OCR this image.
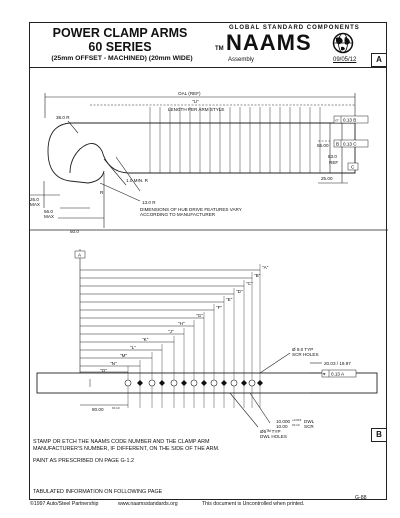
POWER CLAMP ARMS
60 SERIES
(25mm OFFSET - MACHINED) (20mm WIDE)
TM
GLOBAL STANDARD COMPONENTS
NAAMS
Assembly	09/05/12	A
OAL (REF)
"U"
LENGTH PER ARM STYLE
38.0 R
26.0
MAX
56.0
MAX
50.0
55.00
83.0
REF
25.00
1.0 MIN. R
R
13.0 R
DIMENSIONS OF HUB DRIVE FEATURES VARY
ACCORDING TO MANUFACTURER
⏥ 0.13 B
B 0.13 C
C
A
"A"
"B"
"C"
"D"
"E"
"F"
"G"
"H"
"J"
"K"
"L"
"M"
"N"
"O"
Ø 9.0 TYP
SCR HOLES
20.03 / 19.97
80.00	±0.13
10.000 +0.015 DWL
10.00 ±0.13 SCR
Ø6ᵀᴹ TYP
DWL HOLES
⌖ 0.13 A
B
STAMP OR ETCH THE NAAMS CODE NUMBER AND THE CLAMP ARM
MANUFACTURER'S NUMBER, IF DIFFERENT, ON THE SIDE OF THE ARM.
PAINT AS PRESCRIBED ON PAGE G-1.2
TABULATED INFORMATION ON FOLLOWING PAGE
©1997 Auto/Steel Partnership	www.naamsstandards.org	This document is Uncontrolled when printed.
G-88
